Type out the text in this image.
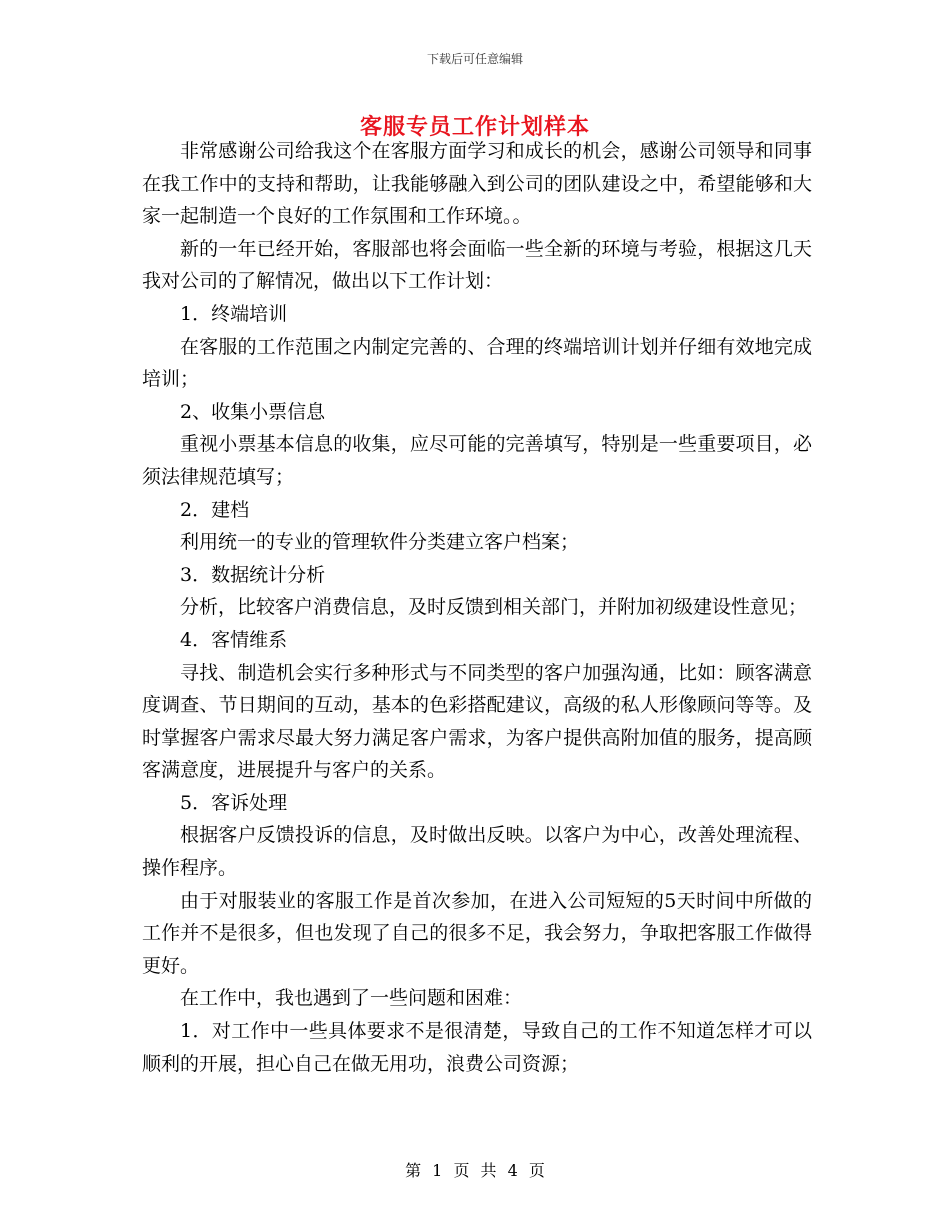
下载后可任意编辑
客服专员工作计划样本

非常感谢公司给我这个在客服方面学习和成长的机会，感谢公司领导和同事在我工作中的支持和帮助，让我能够融入到公司的团队建设之中，希望能够和大家一起制造一个良好的工作氛围和工作环境。。

新的一年已经开始，客服部也将会面临一些全新的环境与考验，根据这几天我对公司的了解情况，做出以下工作计划：

1．终端培训

在客服的工作范围之内制定完善的、合理的终端培训计划并仔细有效地完成培训；

2、收集小票信息

重视小票基本信息的收集，应尽可能的完善填写，特别是一些重要项目，必须法律规范填写；

2．建档

利用统一的专业的管理软件分类建立客户档案；

3．数据统计分析

分析，比较客户消费信息，及时反馈到相关部门，并附加初级建设性意见；

4．客情维系

寻找、制造机会实行多种形式与不同类型的客户加强沟通，比如：顾客满意度调查、节日期间的互动，基本的色彩搭配建议，高级的私人形像顾问等等。及时掌握客户需求尽最大努力满足客户需求，为客户提供高附加值的服务，提高顾客满意度，进展提升与客户的关系。

5．客诉处理

根据客户反馈投诉的信息，及时做出反映。以客户为中心，改善处理流程、操作程序。

由于对服装业的客服工作是首次参加，在进入公司短短的5天时间中所做的工作并不是很多，但也发现了自己的很多不足，我会努力，争取把客服工作做得更好。

在工作中，我也遇到了一些问题和困难：

1．对工作中一些具体要求不是很清楚，导致自己的工作不知道怎样才可以顺利的开展，担心自己在做无用功，浪费公司资源；

第 1 页 共 4 页
